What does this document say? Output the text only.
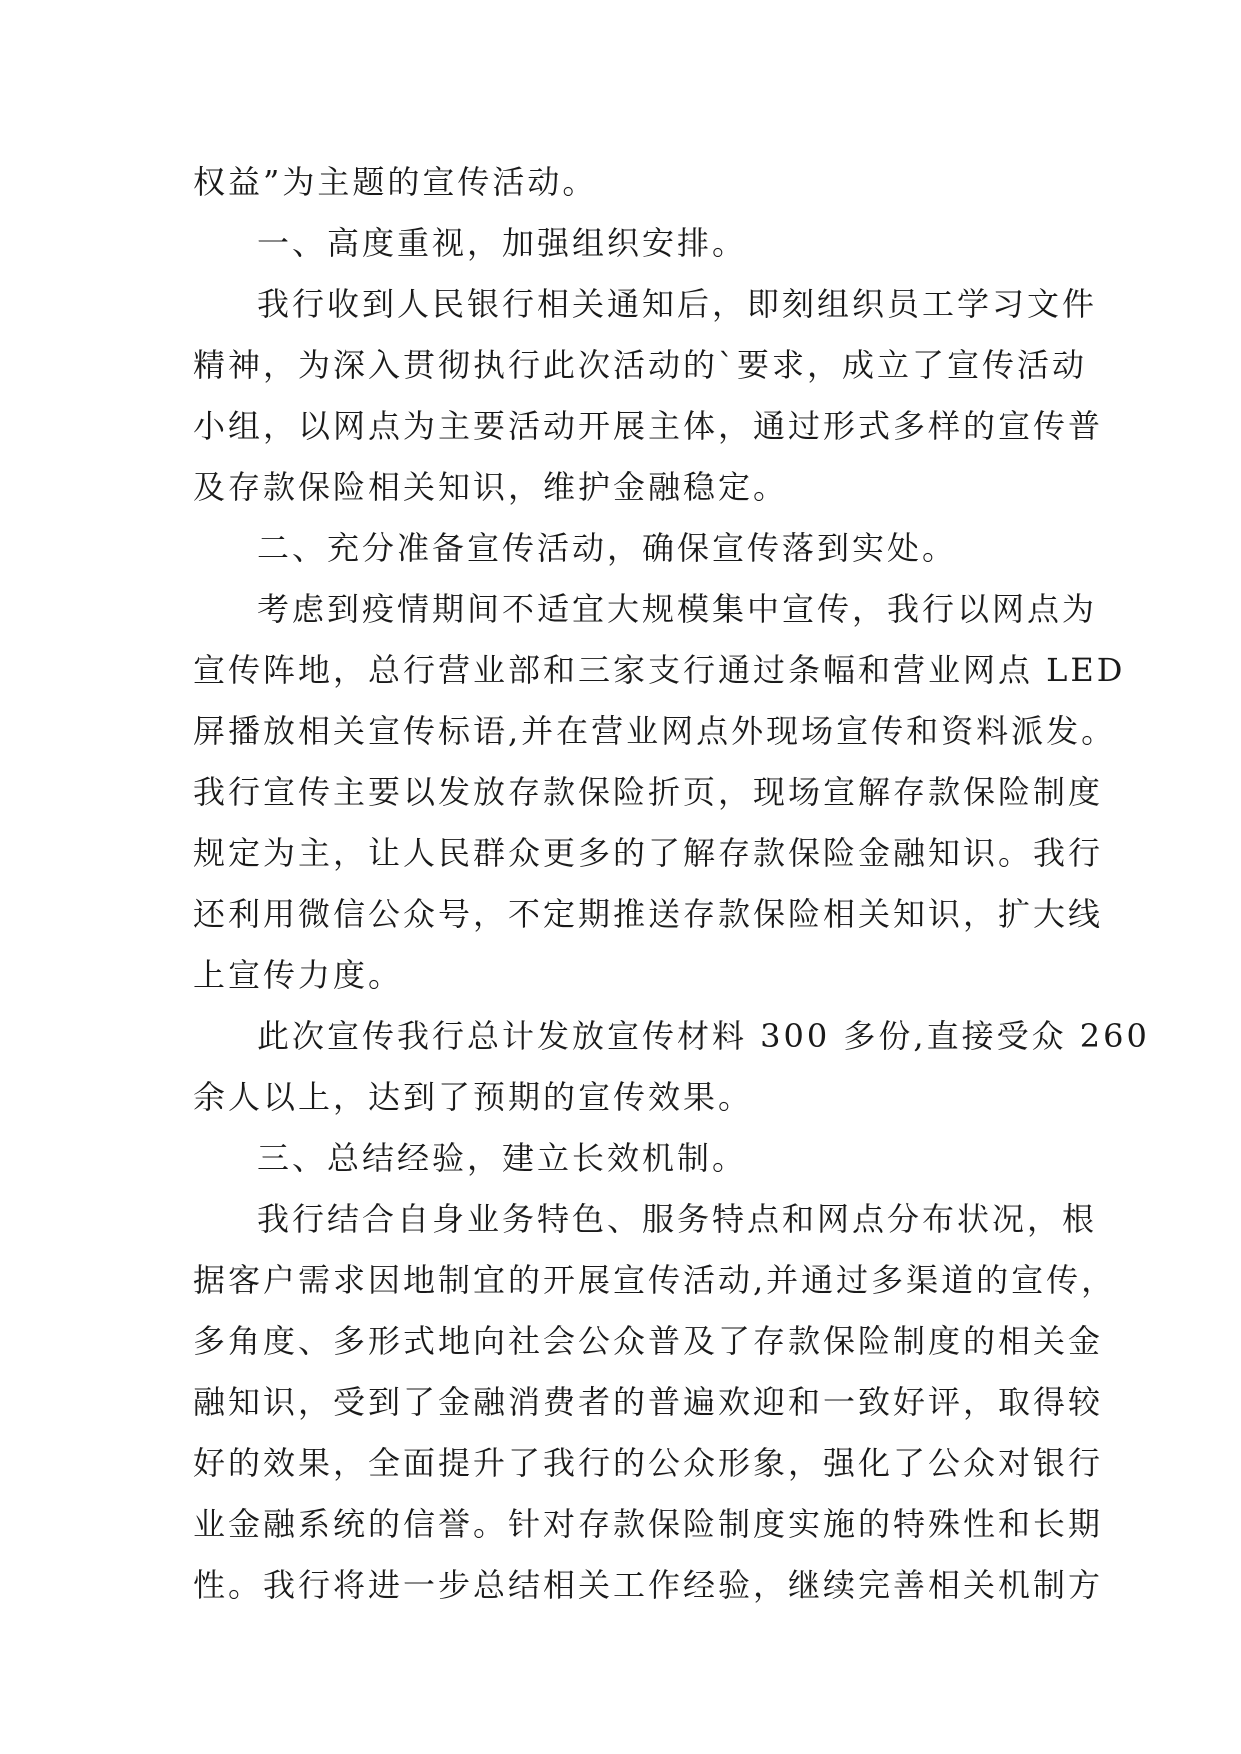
权益”为主题的宣传活动。
一、高度重视，加强组织安排。
我行收到人民银行相关通知后，即刻组织员工学习文件
精神，为深入贯彻执行此次活动的`要求，成立了宣传活动
小组，以网点为主要活动开展主体，通过形式多样的宣传普
及存款保险相关知识，维护金融稳定。
二、充分准备宣传活动，确保宣传落到实处。
考虑到疫情期间不适宜大规模集中宣传，我行以网点为
宣传阵地，总行营业部和三家支行通过条幅和营业网点 LED
屏播放相关宣传标语,并在营业网点外现场宣传和资料派发。
我行宣传主要以发放存款保险折页，现场宣解存款保险制度
规定为主，让人民群众更多的了解存款保险金融知识。我行
还利用微信公众号，不定期推送存款保险相关知识，扩大线
上宣传力度。
此次宣传我行总计发放宣传材料 300 多份,直接受众 260
余人以上，达到了预期的宣传效果。
三、总结经验，建立长效机制。
我行结合自身业务特色、服务特点和网点分布状况，根
据客户需求因地制宜的开展宣传活动,并通过多渠道的宣传，
多角度、多形式地向社会公众普及了存款保险制度的相关金
融知识，受到了金融消费者的普遍欢迎和一致好评，取得较
好的效果，全面提升了我行的公众形象，强化了公众对银行
业金融系统的信誉。针对存款保险制度实施的特殊性和长期
性。我行将进一步总结相关工作经验，继续完善相关机制方
